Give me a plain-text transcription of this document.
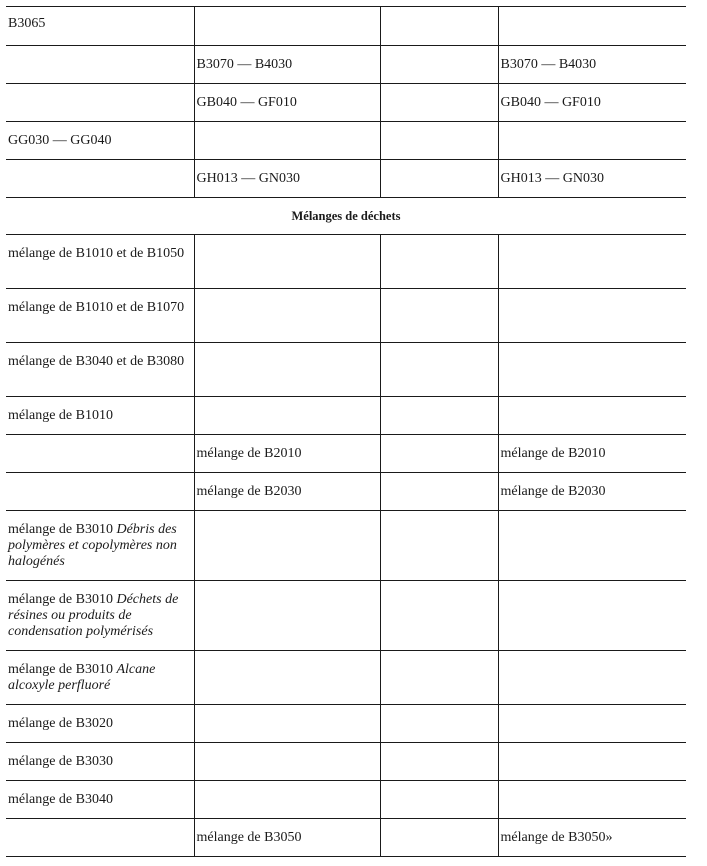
B3065			
	B3070 — B4030		B3070 — B4030
	GB040 — GF010		GB040 — GF010
GG030 — GG040			
	GH013 — GN030		GH013 — GN030
Mélanges de déchets			
mélange de B1010 et de B1050			
mélange de B1010 et de B1070			
mélange de B3040 et de B3080			
mélange de B1010			
	mélange de B2010		mélange de B2010
	mélange de B2030		mélange de B2030
mélange de B3010 Débris des polymères et copolymères non halogénés			
mélange de B3010 Déchets de résines ou produits de condensation polymérisés			
mélange de B3010 Alcane alcoxyle perfluoré			
mélange de B3020			
mélange de B3030			
mélange de B3040			
	mélange de B3050		mélange de B3050»
